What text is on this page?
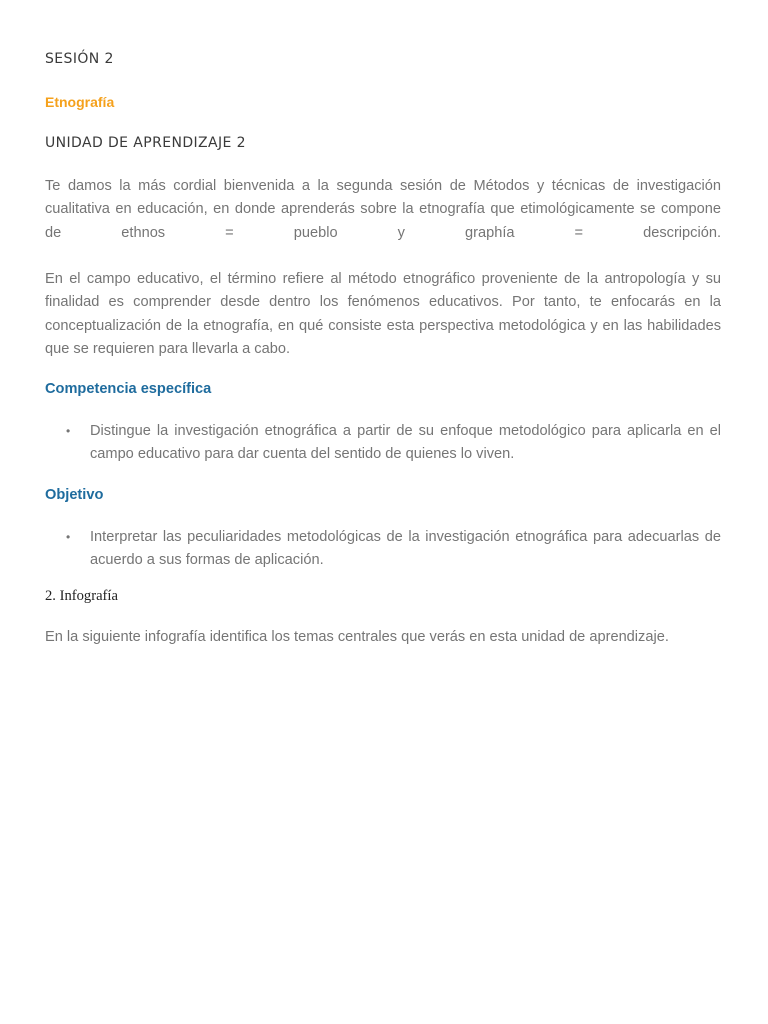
SESIÓN 2
Etnografía
UNIDAD DE APRENDIZAJE 2

Te damos la más cordial bienvenida a la segunda sesión de Métodos y técnicas de investigación cualitativa en educación, en donde aprenderás sobre la etnografía que etimológicamente se compone de ethnos = pueblo y graphía = descripción.

En el campo educativo, el término refiere al método etnográfico proveniente de la antropología y su finalidad es comprender desde dentro los fenómenos educativos. Por tanto, te enfocarás en la conceptualización de la etnografía, en qué consiste esta perspectiva metodológica y en las habilidades que se requieren para llevarla a cabo.

Competencia específica
• Distingue la investigación etnográfica a partir de su enfoque metodológico para aplicarla en el campo educativo para dar cuenta del sentido de quienes lo viven.
Objetivo
• Interpretar las peculiaridades metodológicas de la investigación etnográfica para adecuarlas de acuerdo a sus formas de aplicación.
2. Infografía

En la siguiente infografía identifica los temas centrales que verás en esta unidad de aprendizaje.
